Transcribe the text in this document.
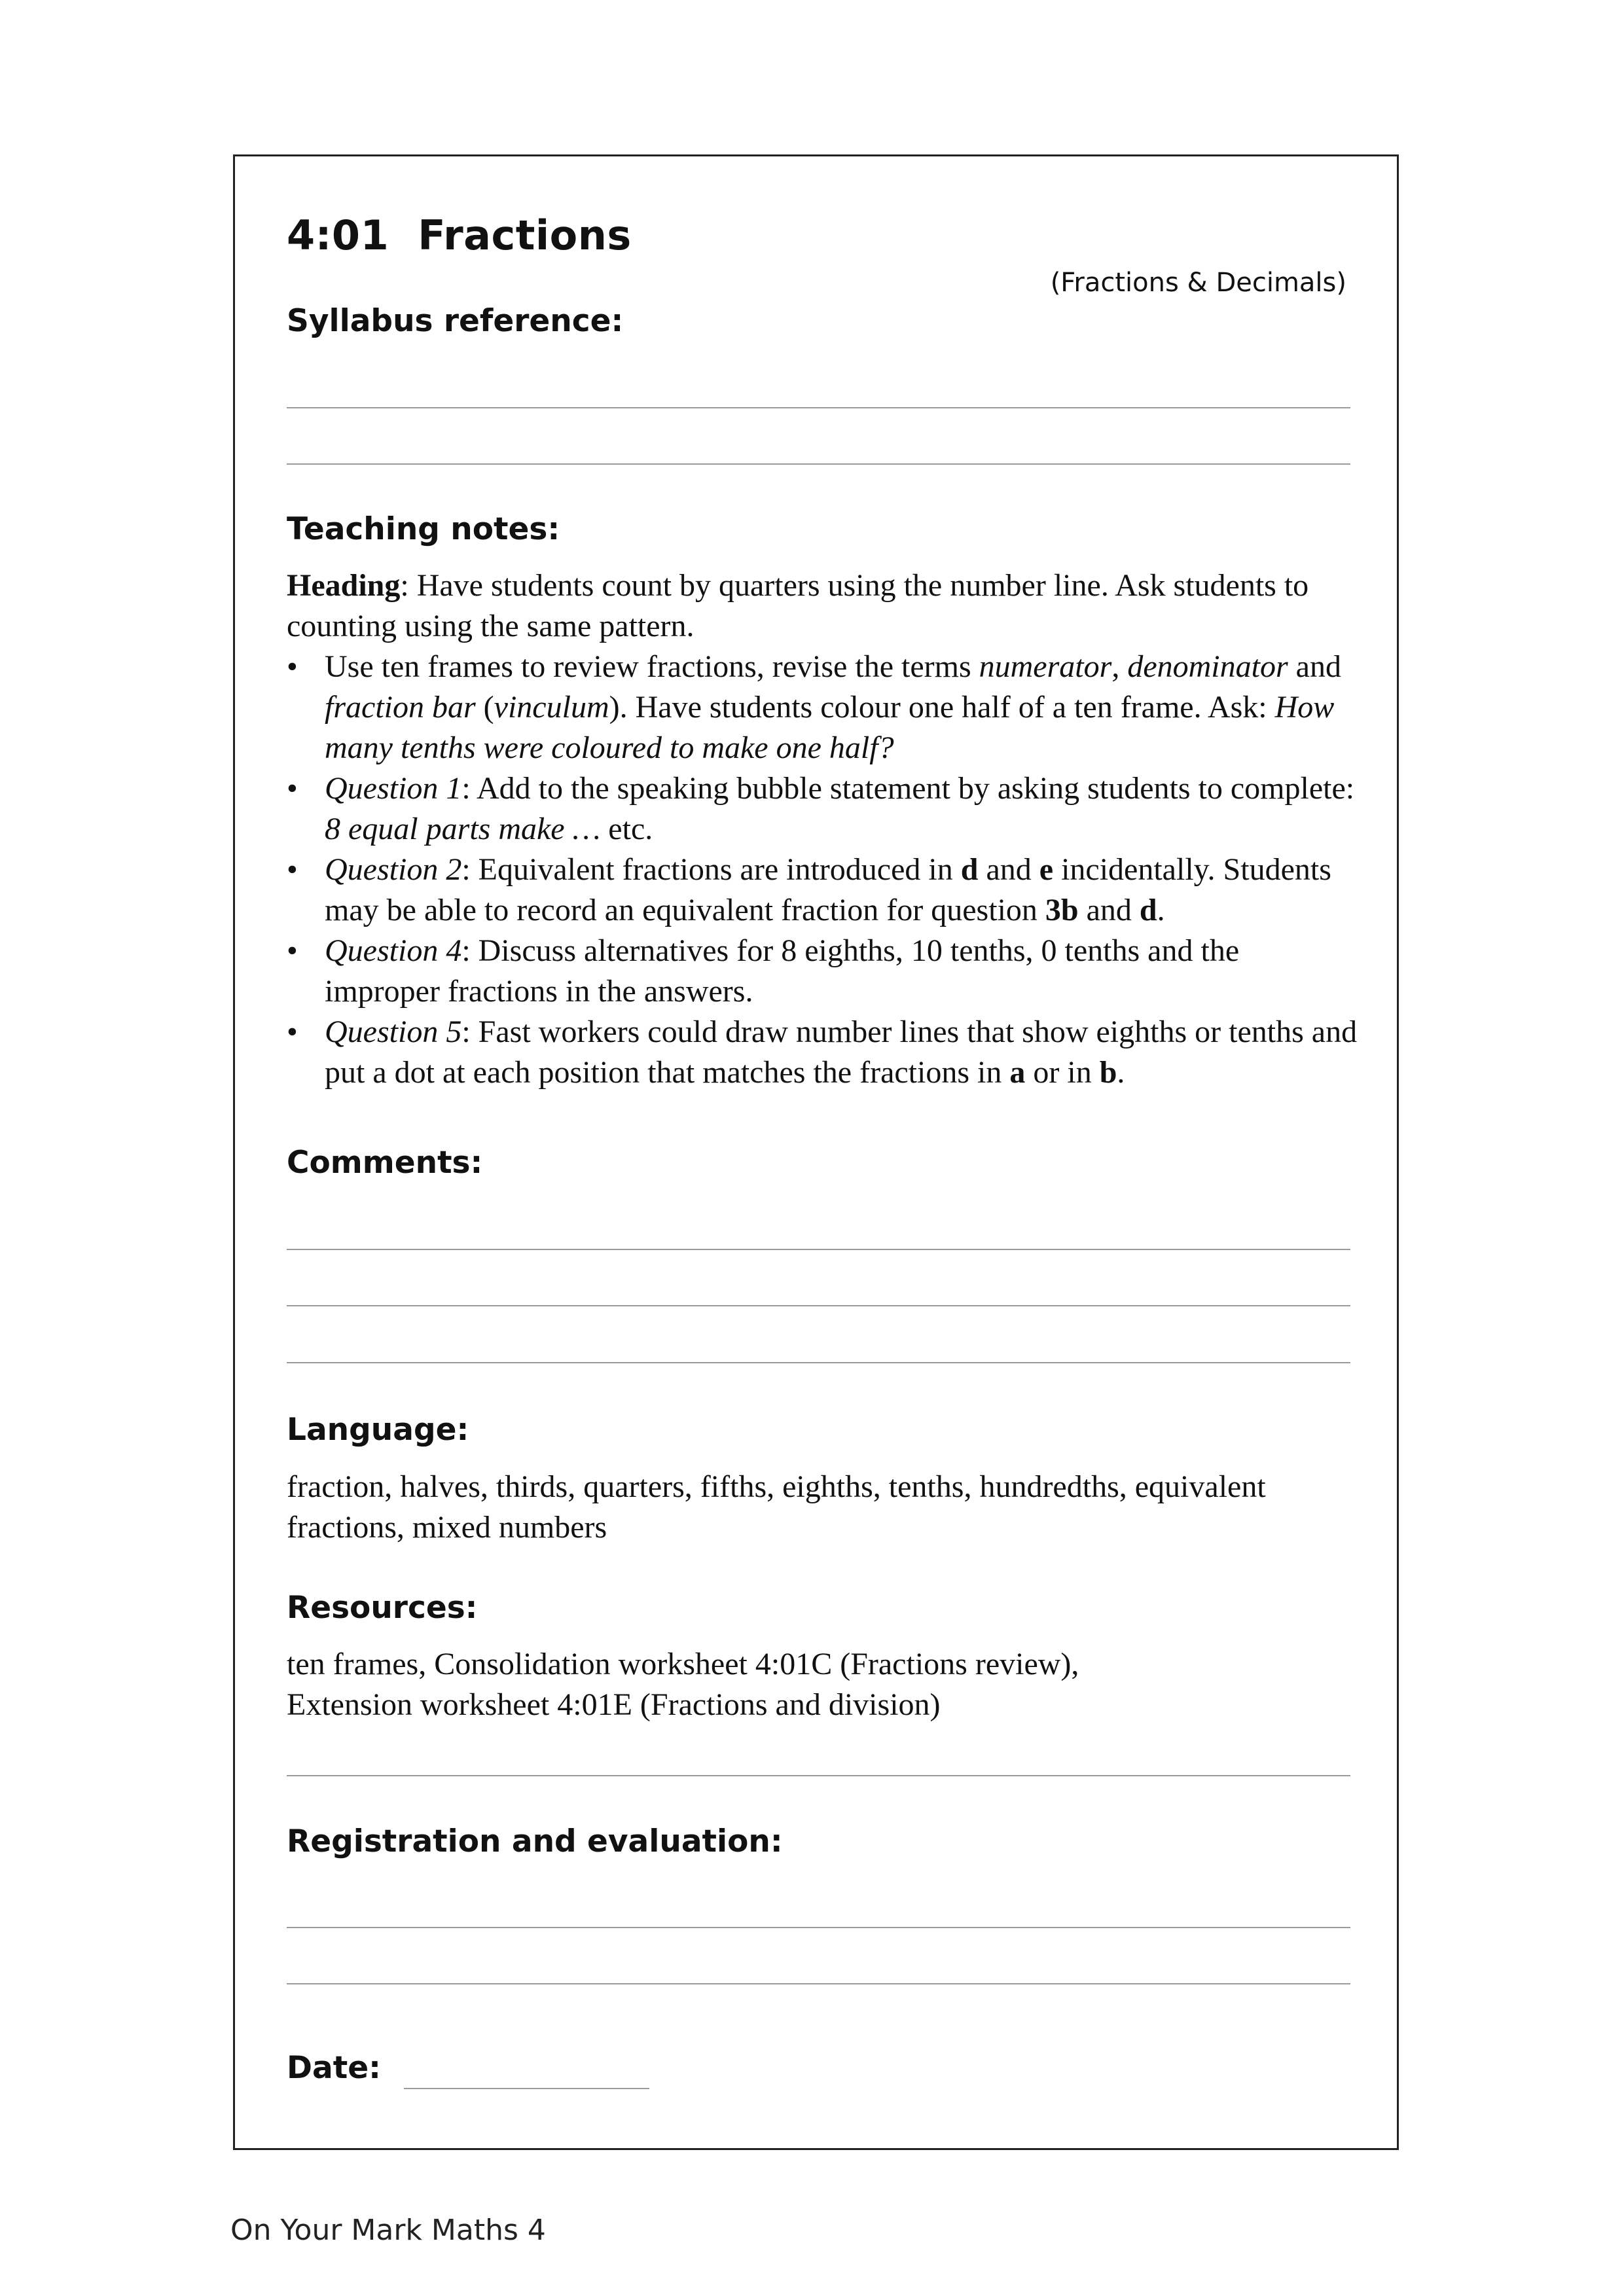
4:01 Fractions
(Fractions & Decimals)
Syllabus reference:
Teaching notes:

Heading: Have students count by quarters using the number line. Ask students to counting using the same pattern.

• Use ten frames to review fractions, revise the terms numerator, denominator and fraction bar (vinculum). Have students colour one half of a ten frame. Ask: How many tenths were coloured to make one half?
• Question 1: Add to the speaking bubble statement by asking students to complete: 8 equal parts make … etc.
• Question 2: Equivalent fractions are introduced in d and e incidentally. Students may be able to record an equivalent fraction for question 3b and d.
• Question 4: Discuss alternatives for 8 eighths, 10 tenths, 0 tenths and the improper fractions in the answers.
• Question 5: Fast workers could draw number lines that show eighths or tenths and put a dot at each position that matches the fractions in a or in b.
Comments:
Language:

fraction, halves, thirds, quarters, fifths, eighths, tenths, hundredths, equivalent fractions, mixed numbers

Resources:

ten frames, Consolidation worksheet 4:01C (Fractions review),

Extension worksheet 4:01E (Fractions and division)

Registration and evaluation:
Date:
On Your Mark Maths 4
